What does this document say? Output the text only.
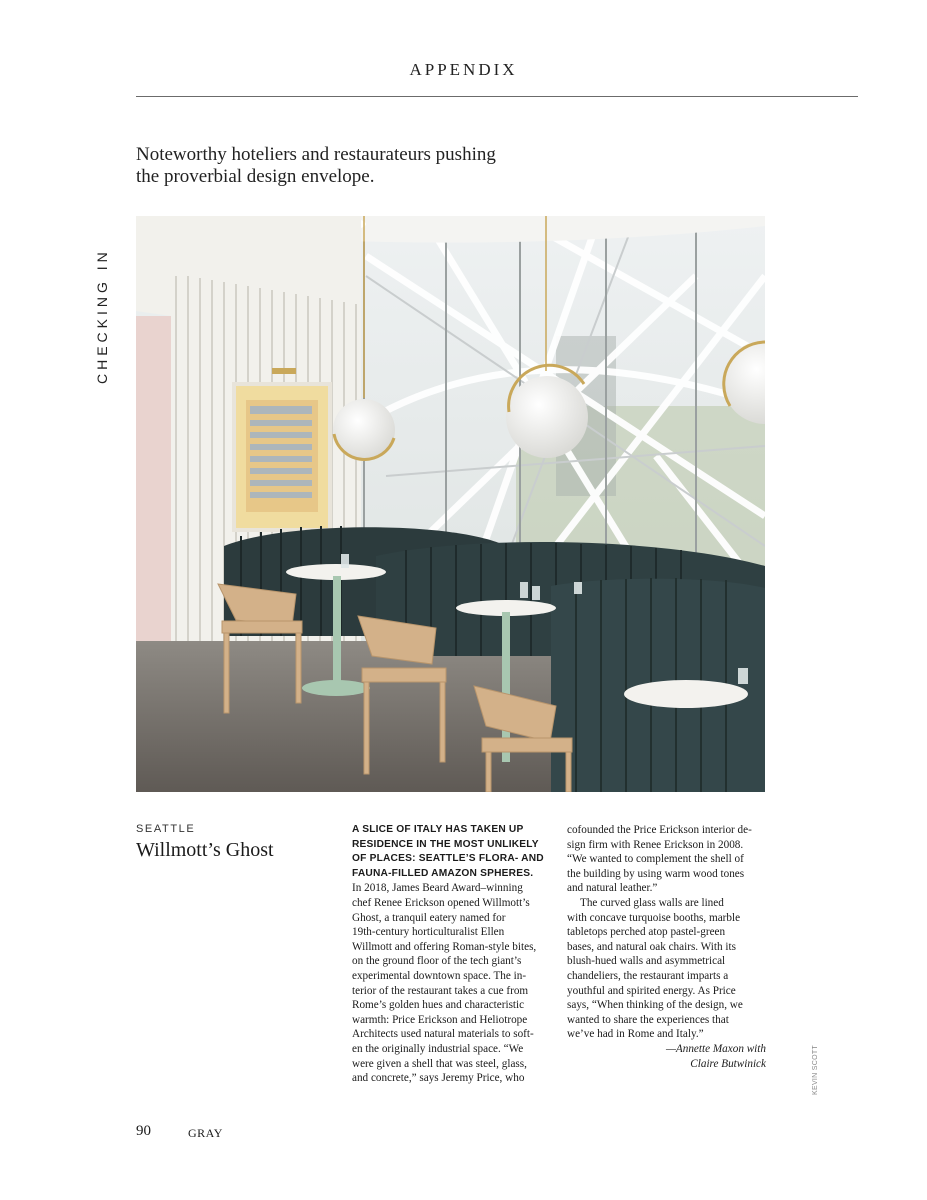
APPENDIX
CHECKING IN
Noteworthy hoteliers and restaurateurs pushing
the proverbial design envelope.
SEATTLE
Willmott’s Ghost
A SLICE OF ITALY HAS TAKEN UP
RESIDENCE IN THE MOST UNLIKELY
OF PLACES: SEATTLE’S FLORA- AND
FAUNA-FILLED AMAZON SPHERES.
In 2018, James Beard Award–winning
chef Renee Erickson opened Willmott’s
Ghost, a tranquil eatery named for
19th-century horticulturalist Ellen
Willmott and offering Roman-style bites,
on the ground floor of the tech giant’s
experimental downtown space. The in-
terior of the restaurant takes a cue from
Rome’s golden hues and characteristic
warmth: Price Erickson and Heliotrope
Architects used natural materials to soft-
en the originally industrial space. “We
were given a shell that was steel, glass,
and concrete,” says Jeremy Price, who
cofounded the Price Erickson interior de-
sign firm with Renee Erickson in 2008.
“We wanted to complement the shell of
the building by using warm wood tones
and natural leather.”
The curved glass walls are lined
with concave turquoise booths, marble
tabletops perched atop pastel-green
bases, and natural oak chairs. With its
blush-hued walls and asymmetrical
chandeliers, the restaurant imparts a
youthful and spirited energy. As Price
says, “When thinking of the design, we
wanted to share the experiences that
we’ve had in Rome and Italy.”
—Annette Maxon with
Claire Butwinick	KEVIN SCOTT
90	GRAY
